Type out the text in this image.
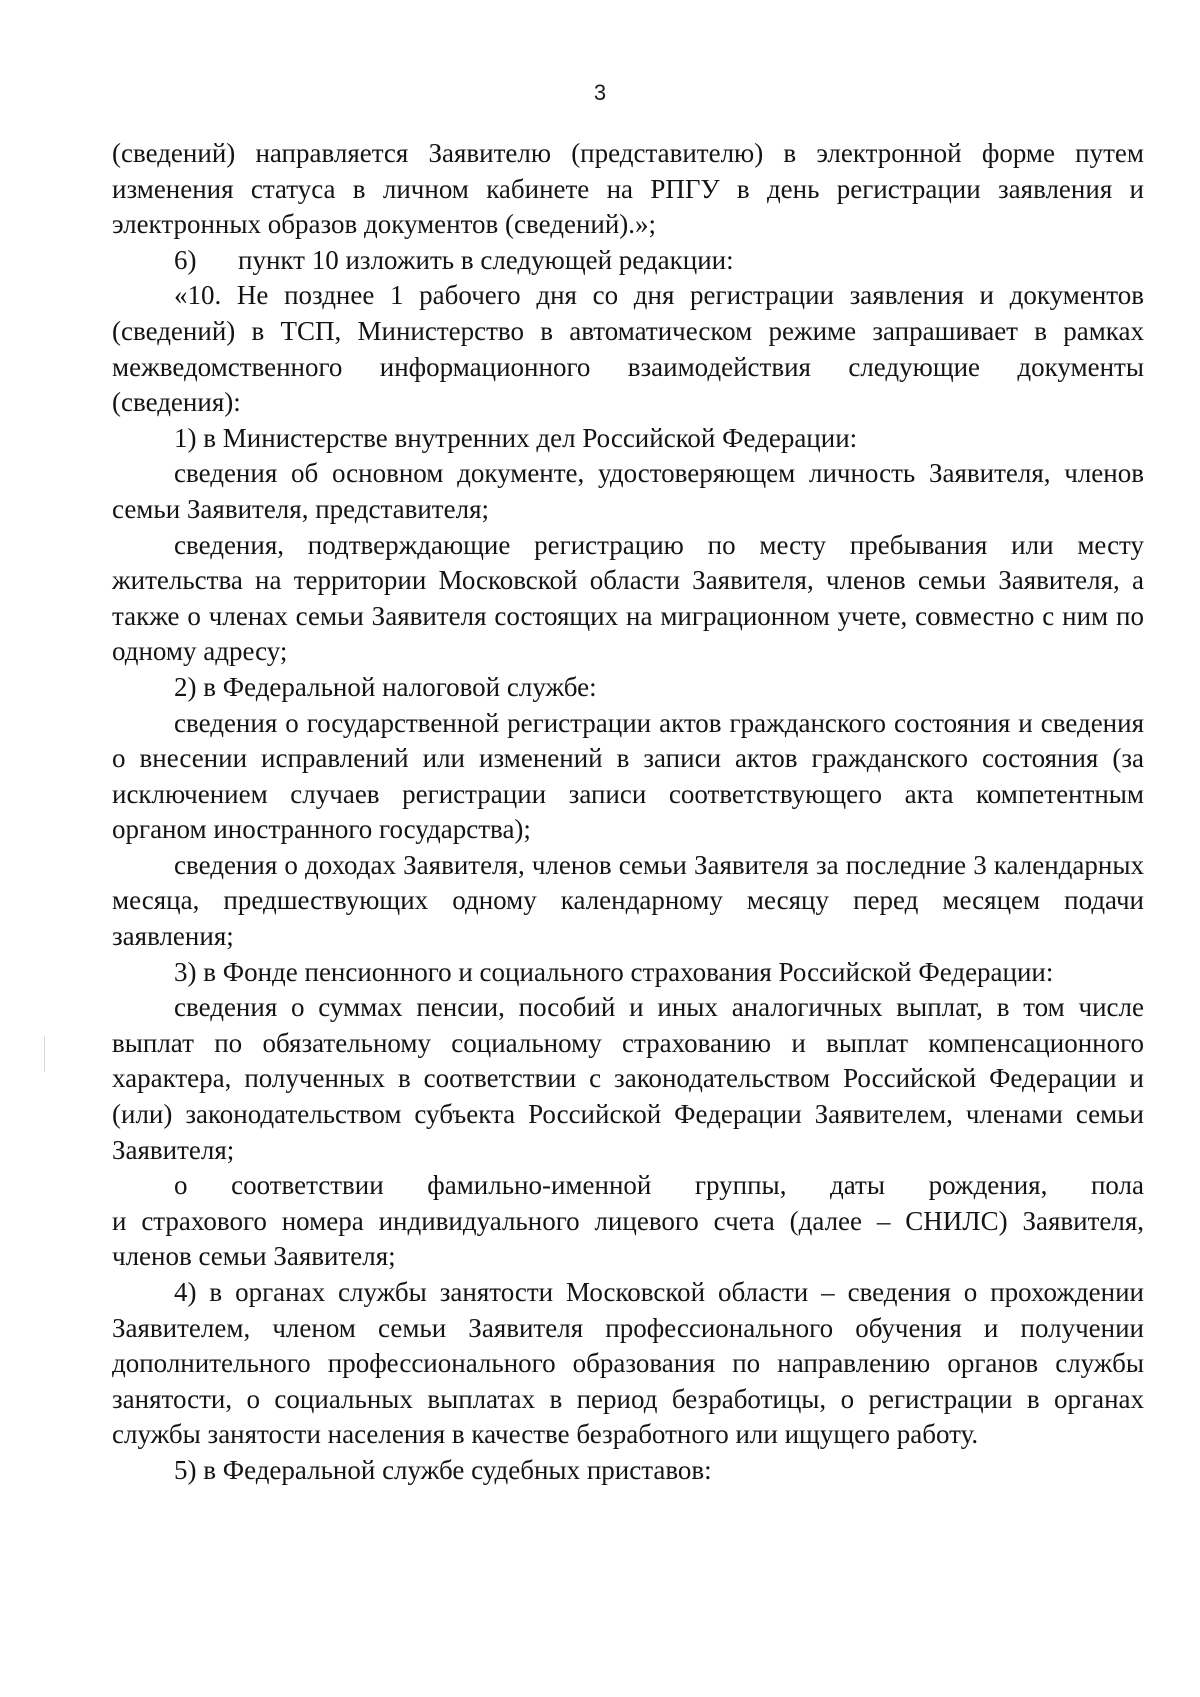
3

(сведений) направляется Заявителю (представителю) в электронной форме путем изменения статуса в личном кабинете на РПГУ в день регистрации заявления и электронных образов документов (сведений).»;

6) пункт 10 изложить в следующей редакции:

«10. Не позднее 1 рабочего дня со дня регистрации заявления и документов (сведений) в ТСП, Министерство в автоматическом режиме запрашивает в рамках межведомственного информационного взаимодействия следующие документы (сведения):

1) в Министерстве внутренних дел Российской Федерации:

сведения об основном документе, удостоверяющем личность Заявителя, членов семьи Заявителя, представителя;

сведения, подтверждающие регистрацию по месту пребывания или месту жительства на территории Московской области Заявителя, членов семьи Заявителя, а также о членах семьи Заявителя состоящих на миграционном учете, совместно с ним по одному адресу;

2) в Федеральной налоговой службе:

сведения о государственной регистрации актов гражданского состояния и сведения о внесении исправлений или изменений в записи актов гражданского состояния (за исключением случаев регистрации записи соответствующего акта компетентным органом иностранного государства);

сведения о доходах Заявителя, членов семьи Заявителя за последние 3 календарных месяца, предшествующих одному календарному месяцу перед месяцем подачи заявления;

3) в Фонде пенсионного и социального страхования Российской Федерации:

сведения о суммах пенсии, пособий и иных аналогичных выплат, в том числе выплат по обязательному социальному страхованию и выплат компенсационного характера, полученных в соответствии с законодательством Российской Федерации и (или) законодательством субъекта Российской Федерации Заявителем, членами семьи Заявителя;

о соответствии фамильно-именной группы, даты рождения, пола

и страхового номера индивидуального лицевого счета (далее – СНИЛС) Заявителя, членов семьи Заявителя;

4) в органах службы занятости Московской области – сведения о прохождении Заявителем, членом семьи Заявителя профессионального обучения и получении дополнительного профессионального образования по направлению органов службы занятости, о социальных выплатах в период безработицы, о регистрации в органах службы занятости населения в качестве безработного или ищущего работу.

5) в Федеральной службе судебных приставов:
